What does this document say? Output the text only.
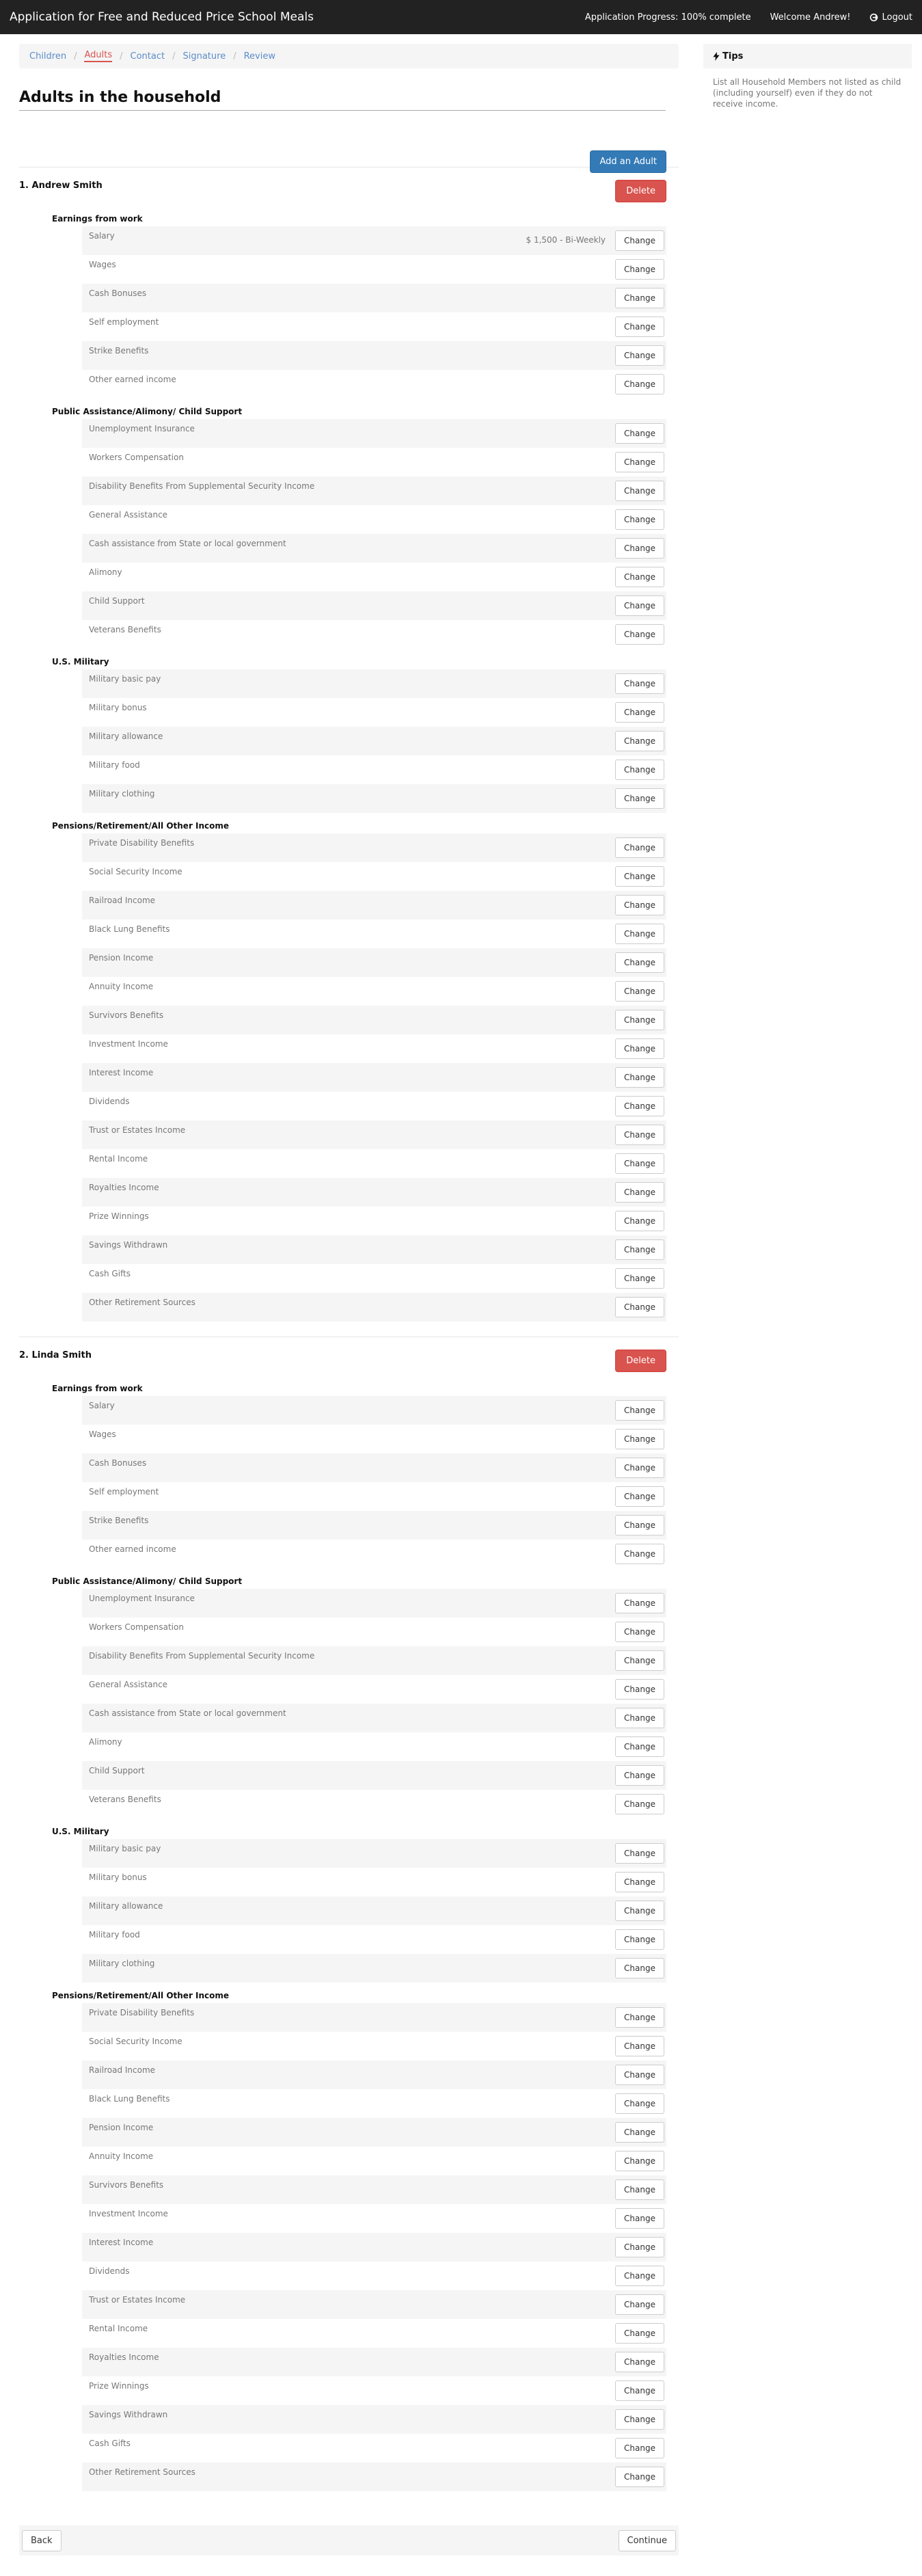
Application for Free and Reduced Price School Meals	Application Progress: 100% complete Welcome Andrew!	Logout
Children / Adults / Contact / Signature / Review
Adults in the household
Add an Adult
1. Andrew Smith
Delete
Earnings from work
Salary	$ 1,500 - Bi-Weekly	Change
Wages	Change
Cash Bonuses	Change
Self employment	Change
Strike Benefits	Change
Other earned income	Change
Public Assistance/Alimony/ Child Support
Unemployment Insurance	Change
Workers Compensation	Change
Disability Benefits From Supplemental Security Income	Change
General Assistance	Change
Cash assistance from State or local government	Change
Alimony	Change
Child Support	Change
Veterans Benefits	Change
U.S. Military
Military basic pay	Change
Military bonus	Change
Military allowance	Change
Military food	Change
Military clothing	Change
Pensions/Retirement/All Other Income
Private Disability Benefits	Change
Social Security Income	Change
Railroad Income	Change
Black Lung Benefits	Change
Pension Income	Change
Annuity Income	Change
Survivors Benefits	Change
Investment Income	Change
Interest Income	Change
Dividends	Change
Trust or Estates Income	Change
Rental Income	Change
Royalties Income	Change
Prize Winnings	Change
Savings Withdrawn	Change
Cash Gifts	Change
Other Retirement Sources	Change
2. Linda Smith
Delete
Earnings from work
Salary	Change
Wages	Change
Cash Bonuses	Change
Self employment	Change
Strike Benefits	Change
Other earned income	Change
Public Assistance/Alimony/ Child Support
Unemployment Insurance	Change
Workers Compensation	Change
Disability Benefits From Supplemental Security Income	Change
General Assistance	Change
Cash assistance from State or local government	Change
Alimony	Change
Child Support	Change
Veterans Benefits	Change
U.S. Military
Military basic pay	Change
Military bonus	Change
Military allowance	Change
Military food	Change
Military clothing	Change
Pensions/Retirement/All Other Income
Private Disability Benefits	Change
Social Security Income	Change
Railroad Income	Change
Black Lung Benefits	Change
Pension Income	Change
Annuity Income	Change
Survivors Benefits	Change
Investment Income	Change
Interest Income	Change
Dividends	Change
Trust or Estates Income	Change
Rental Income	Change
Royalties Income	Change
Prize Winnings	Change
Savings Withdrawn	Change
Cash Gifts	Change
Other Retirement Sources	Change
Back	Continue
Tips
List all Household Members not listed as child (including yourself) even if they do not receive income.
